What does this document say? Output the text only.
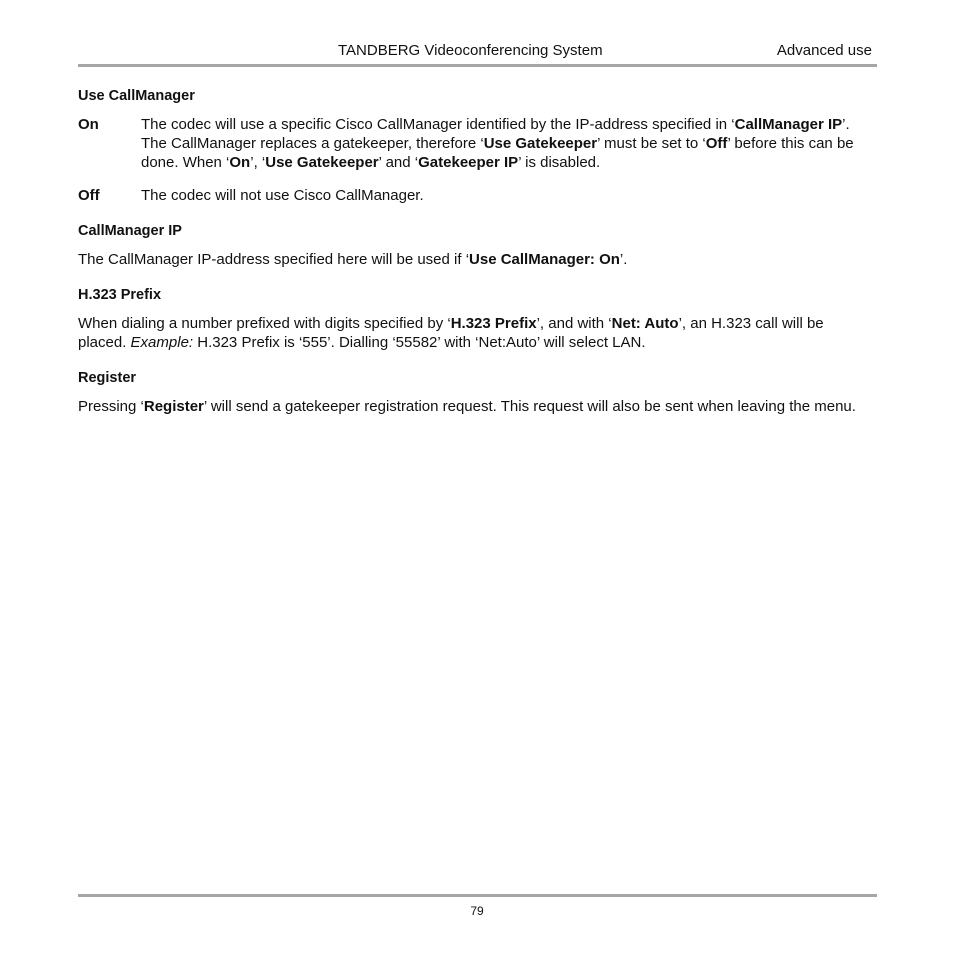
TANDBERG Videoconferencing System	Advanced use
Use CallManager
On	The codec will use a specific Cisco CallManager identified by the IP-address specified in ‘CallManager IP’. The CallManager replaces a gatekeeper, therefore ‘Use Gatekeeper’ must be set to ‘Off’ before this can be done. When ‘On’, ‘Use Gatekeeper’ and ‘Gatekeeper IP’ is disabled.
Off	The codec will not use Cisco CallManager.
CallManager IP

The CallManager IP-address specified here will be used if ‘Use CallManager: On’.

H.323 Prefix

When dialing a number prefixed with digits specified by ‘H.323 Prefix’, and with ‘Net: Auto’, an H.323 call will be placed. Example: H.323 Prefix is ‘555’. Dialling ‘55582’ with ‘Net:Auto’ will select LAN.

Register

Pressing ‘Register’ will send a gatekeeper registration request. This request will also be sent when leaving the menu.

79
